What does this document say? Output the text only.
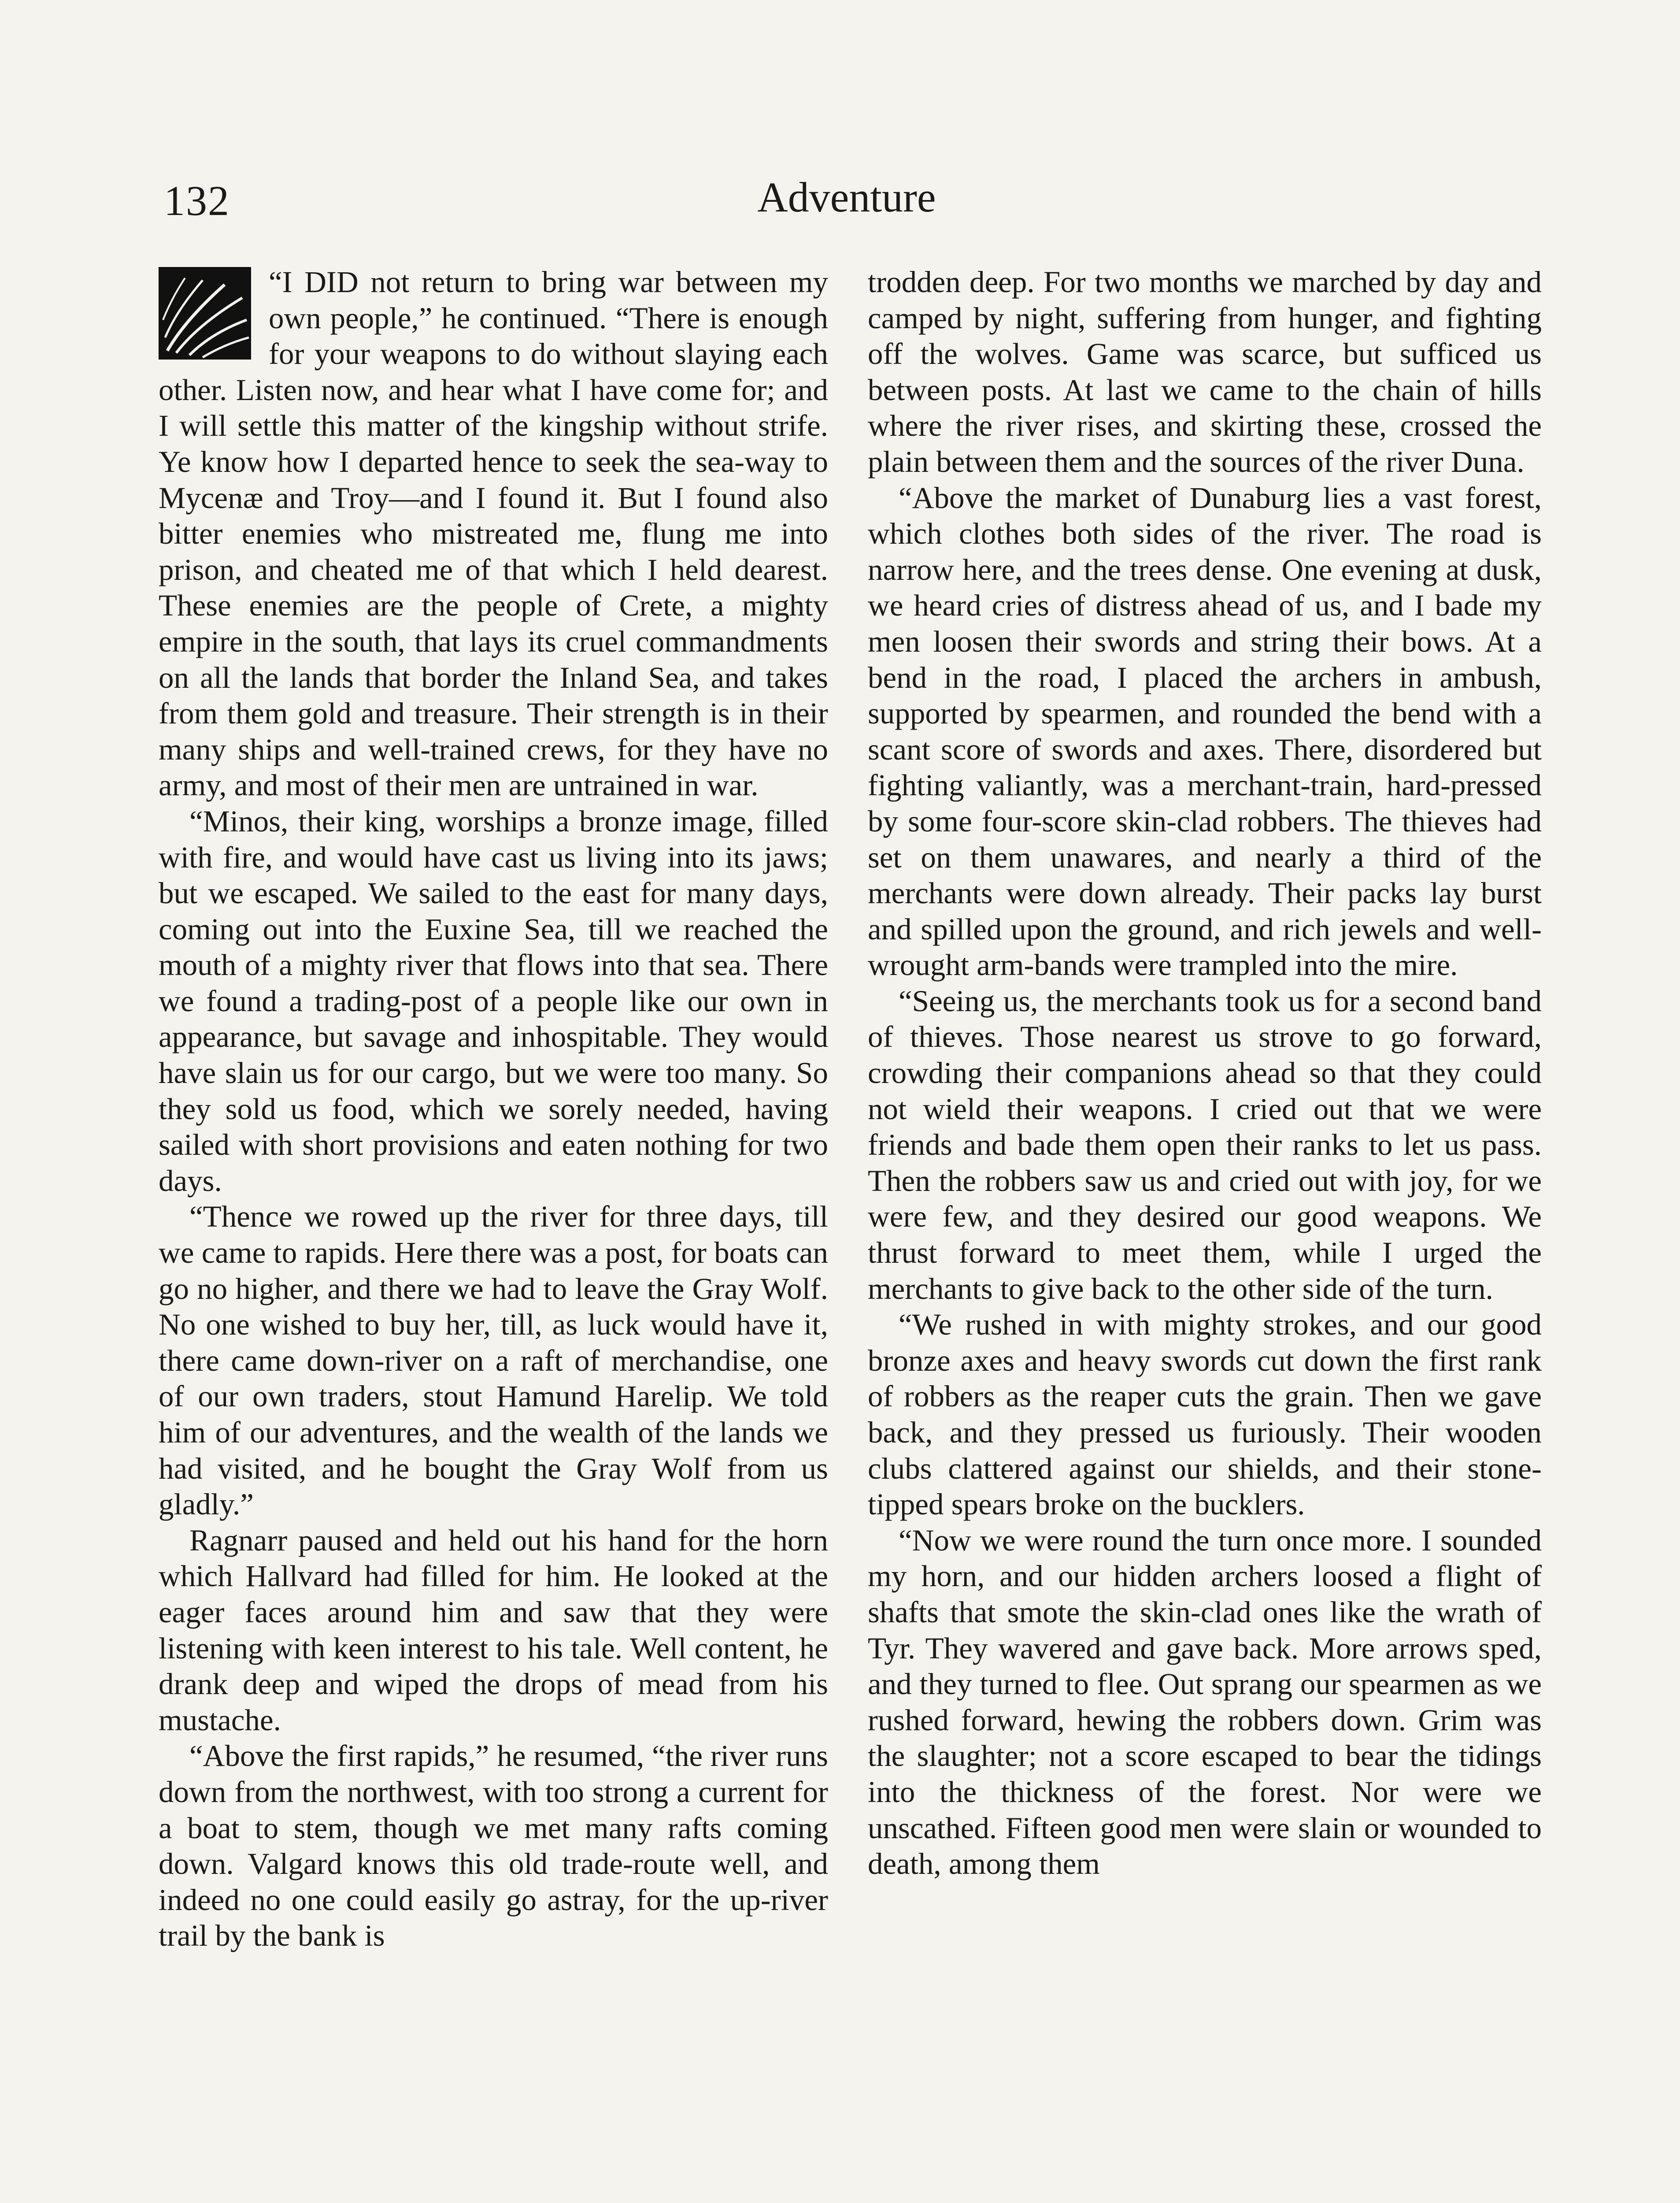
132	Adventure

“I DID not return to bring war between my own people,” he continued. “There is enough for your weapons to do without slaying each other. Listen now, and hear what I have come for; and I will settle this matter of the kingship without strife. Ye know how I departed hence to seek the sea-way to Mycenæ and Troy—and I found it. But I found also bitter enemies who mistreated me, flung me into prison, and cheated me of that which I held dearest. These enemies are the people of Crete, a mighty empire in the south, that lays its cruel commandments on all the lands that border the Inland Sea, and takes from them gold and treasure. Their strength is in their many ships and well-trained crews, for they have no army, and most of their men are untrained in war.

“Minos, their king, worships a bronze image, filled with fire, and would have cast us living into its jaws; but we escaped. We sailed to the east for many days, coming out into the Euxine Sea, till we reached the mouth of a mighty river that flows into that sea. There we found a trading-post of a people like our own in appearance, but savage and inhospitable. They would have slain us for our cargo, but we were too many. So they sold us food, which we sorely needed, having sailed with short provisions and eaten nothing for two days.

“Thence we rowed up the river for three days, till we came to rapids. Here there was a post, for boats can go no higher, and there we had to leave the Gray Wolf. No one wished to buy her, till, as luck would have it, there came down-river on a raft of merchandise, one of our own traders, stout Hamund Harelip. We told him of our adventures, and the wealth of the lands we had visited, and he bought the Gray Wolf from us gladly.”

Ragnarr paused and held out his hand for the horn which Hallvard had filled for him. He looked at the eager faces around him and saw that they were listening with keen interest to his tale. Well content, he drank deep and wiped the drops of mead from his mustache.

“Above the first rapids,” he resumed, “the river runs down from the northwest, with too strong a current for a boat to stem, though we met many rafts coming down. Valgard knows this old trade-route well, and indeed no one could easily go astray, for the up-river trail by the bank is

trodden deep. For two months we marched by day and camped by night, suffering from hunger, and fighting off the wolves. Game was scarce, but sufficed us between posts. At last we came to the chain of hills where the river rises, and skirting these, crossed the plain between them and the sources of the river Duna.

“Above the market of Dunaburg lies a vast forest, which clothes both sides of the river. The road is narrow here, and the trees dense. One evening at dusk, we heard cries of distress ahead of us, and I bade my men loosen their swords and string their bows. At a bend in the road, I placed the archers in ambush, supported by spearmen, and rounded the bend with a scant score of swords and axes. There, disordered but fighting valiantly, was a merchant-train, hard-pressed by some four-score skin-clad robbers. The thieves had set on them unawares, and nearly a third of the merchants were down already. Their packs lay burst and spilled upon the ground, and rich jewels and well-wrought arm-bands were trampled into the mire.

“Seeing us, the merchants took us for a second band of thieves. Those nearest us strove to go forward, crowding their companions ahead so that they could not wield their weapons. I cried out that we were friends and bade them open their ranks to let us pass. Then the robbers saw us and cried out with joy, for we were few, and they desired our good weapons. We thrust forward to meet them, while I urged the merchants to give back to the other side of the turn.

“We rushed in with mighty strokes, and our good bronze axes and heavy swords cut down the first rank of robbers as the reaper cuts the grain. Then we gave back, and they pressed us furiously. Their wooden clubs clattered against our shields, and their stone-tipped spears broke on the bucklers.

“Now we were round the turn once more. I sounded my horn, and our hidden archers loosed a flight of shafts that smote the skin-clad ones like the wrath of Tyr. They wavered and gave back. More arrows sped, and they turned to flee. Out sprang our spearmen as we rushed forward, hewing the robbers down. Grim was the slaughter; not a score escaped to bear the tidings into the thickness of the forest. Nor were we unscathed. Fifteen good men were slain or wounded to death, among them
